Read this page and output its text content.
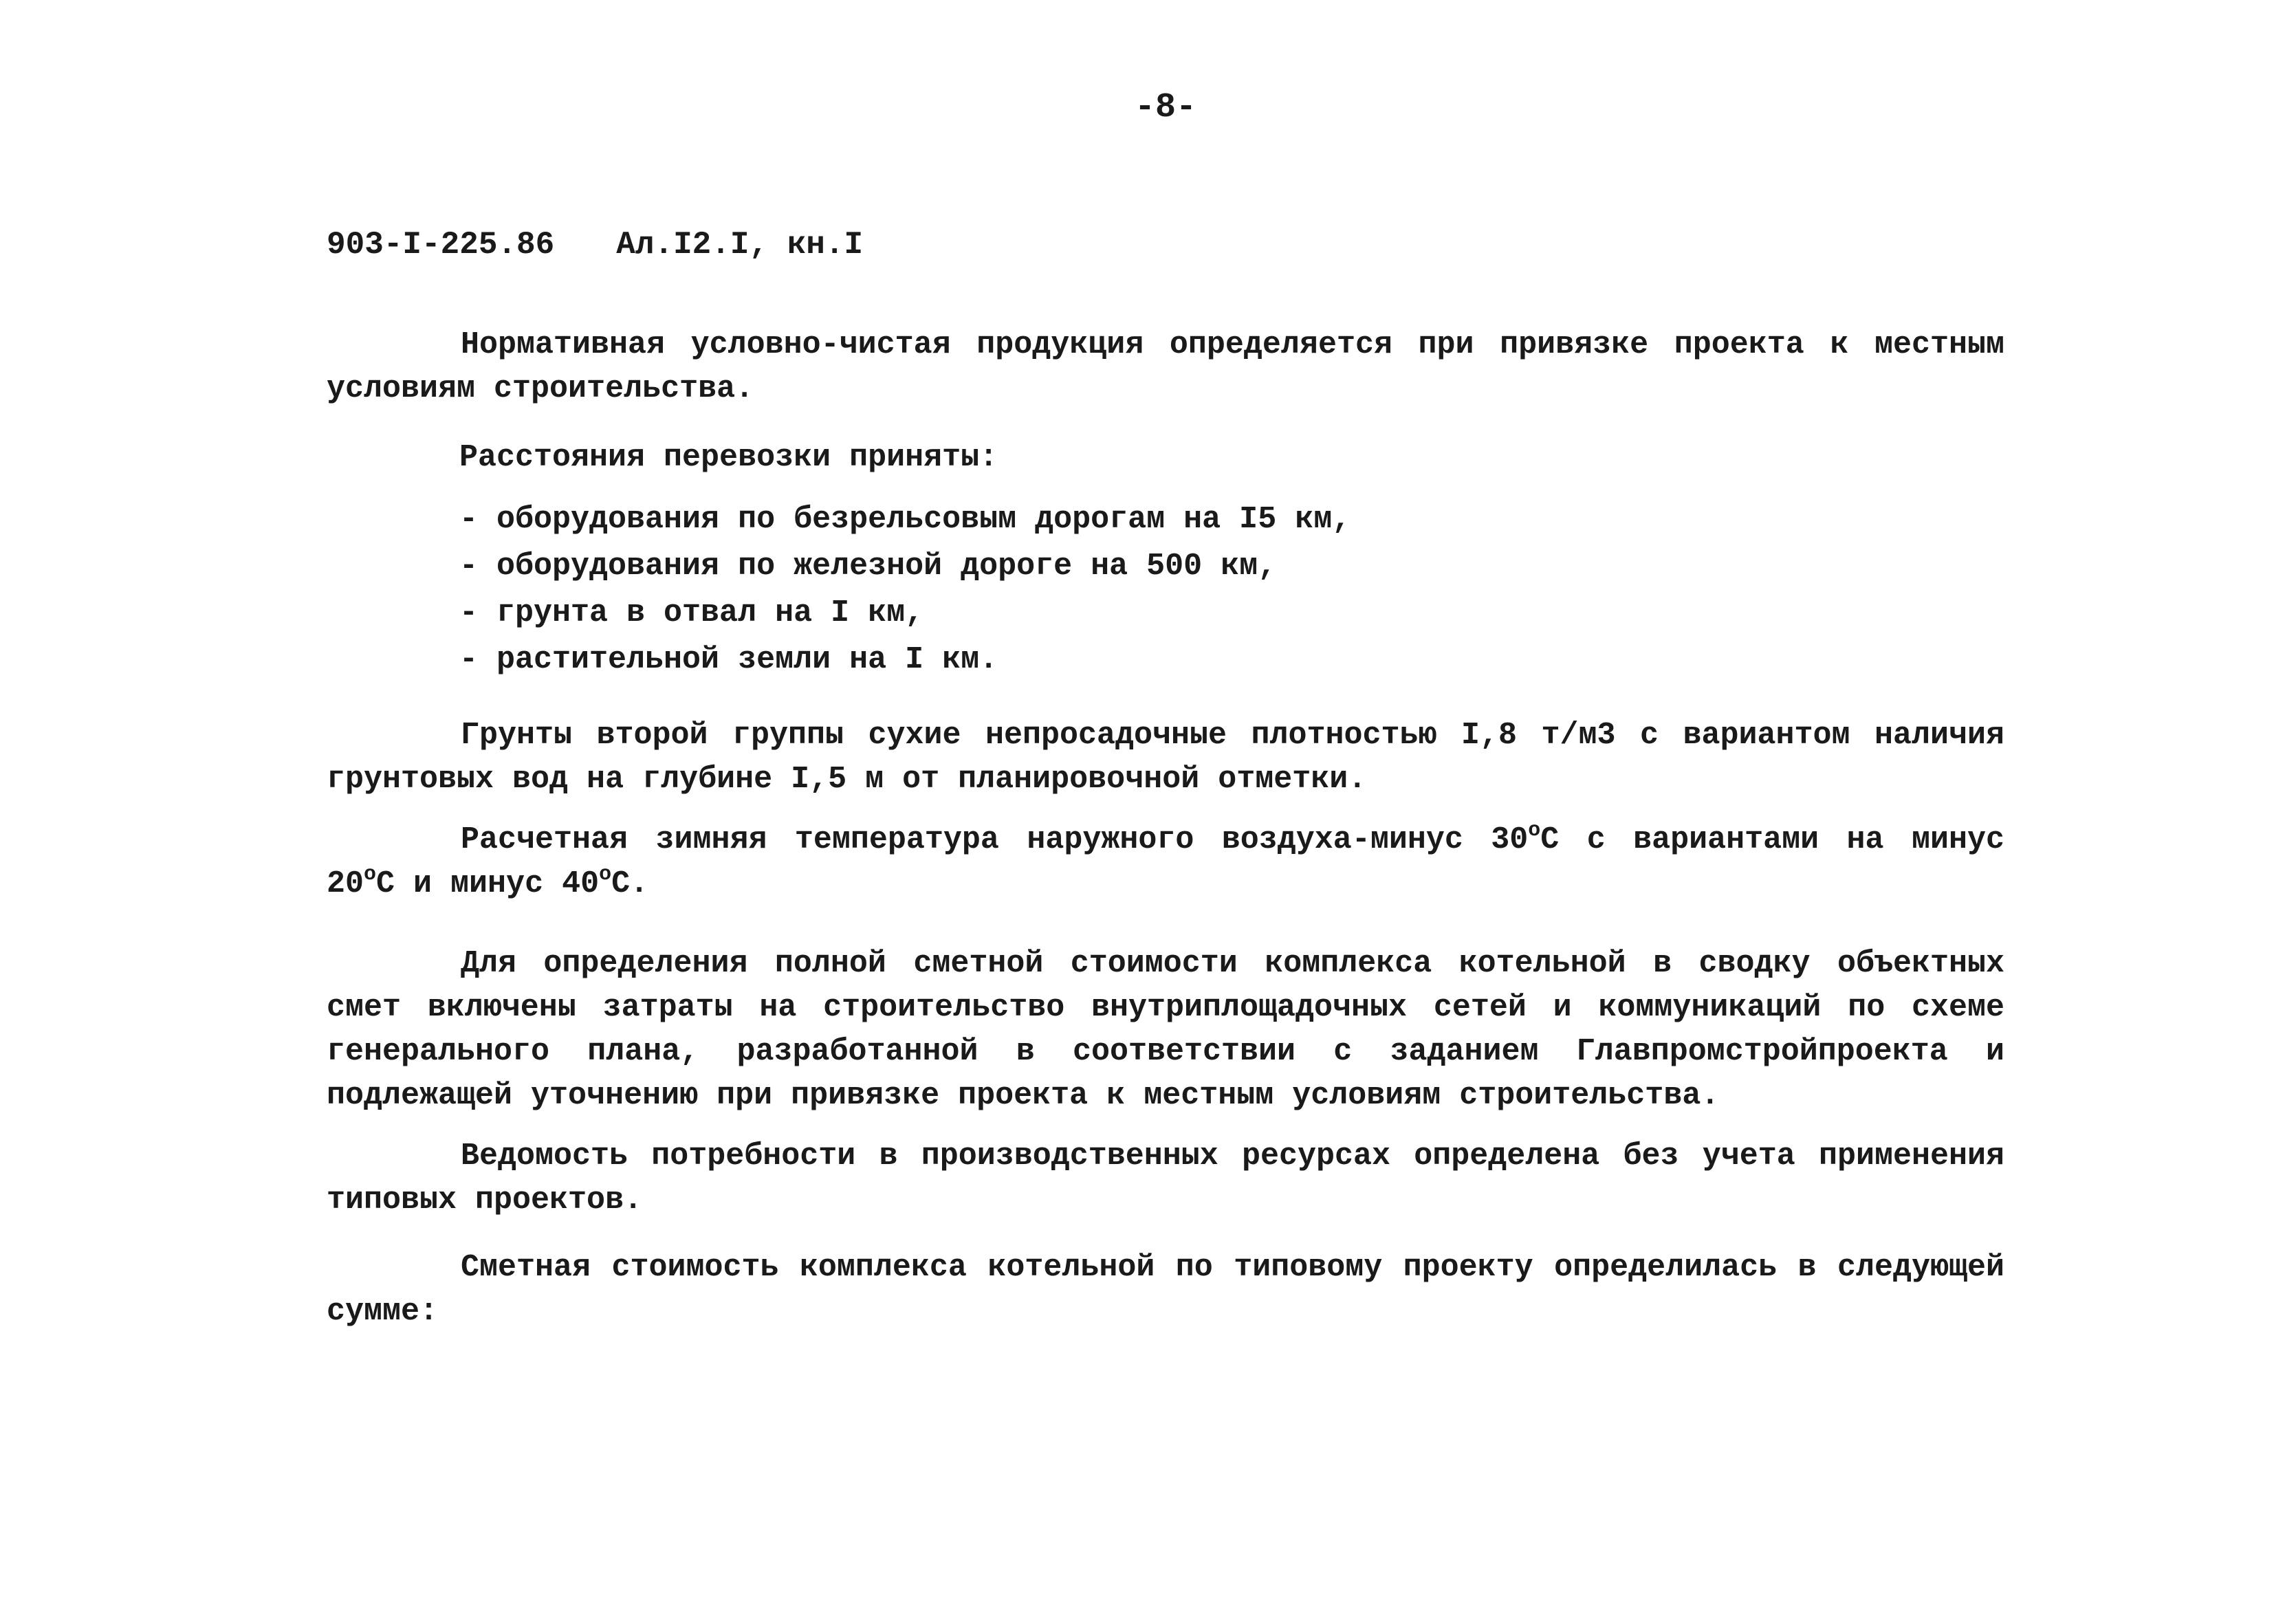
-8-
903-I-225.86 Ал.I2.I, кн.I

Нормативная условно-чистая продукция определяется при привязке проекта к местным условиям строительства.

Расстояния перевозки приняты:
- оборудования по безрельсовым дорогам на I5 км,
- оборудования по железной дороге на 500 км,
- грунта в отвал на I км,
- растительной земли на I км.

Грунты второй группы сухие непросадочные плотностью I,8 т/м3 с вариантом наличия грунтовых вод на глубине I,5 м от планировочной отметки.

Расчетная зимняя температура наружного воздуха-минус $30^оС$ с вариантами на минус $20^оС$ и минус $40^оС$.

Для определения полной сметной стоимости комплекса котельной в сводку объектных смет включены затраты на строительство внутриплощадочных сетей и коммуникаций по схеме генерального плана, разработанной в соответствии с заданием Главпромстройпроекта и подлежащей уточнению при привязке проекта к местным условиям строительства.

Ведомость потребности в производственных ресурсах определена без учета применения типовых проектов.

Сметная стоимость комплекса котельной по типовому проекту определилась в следующей сумме:
